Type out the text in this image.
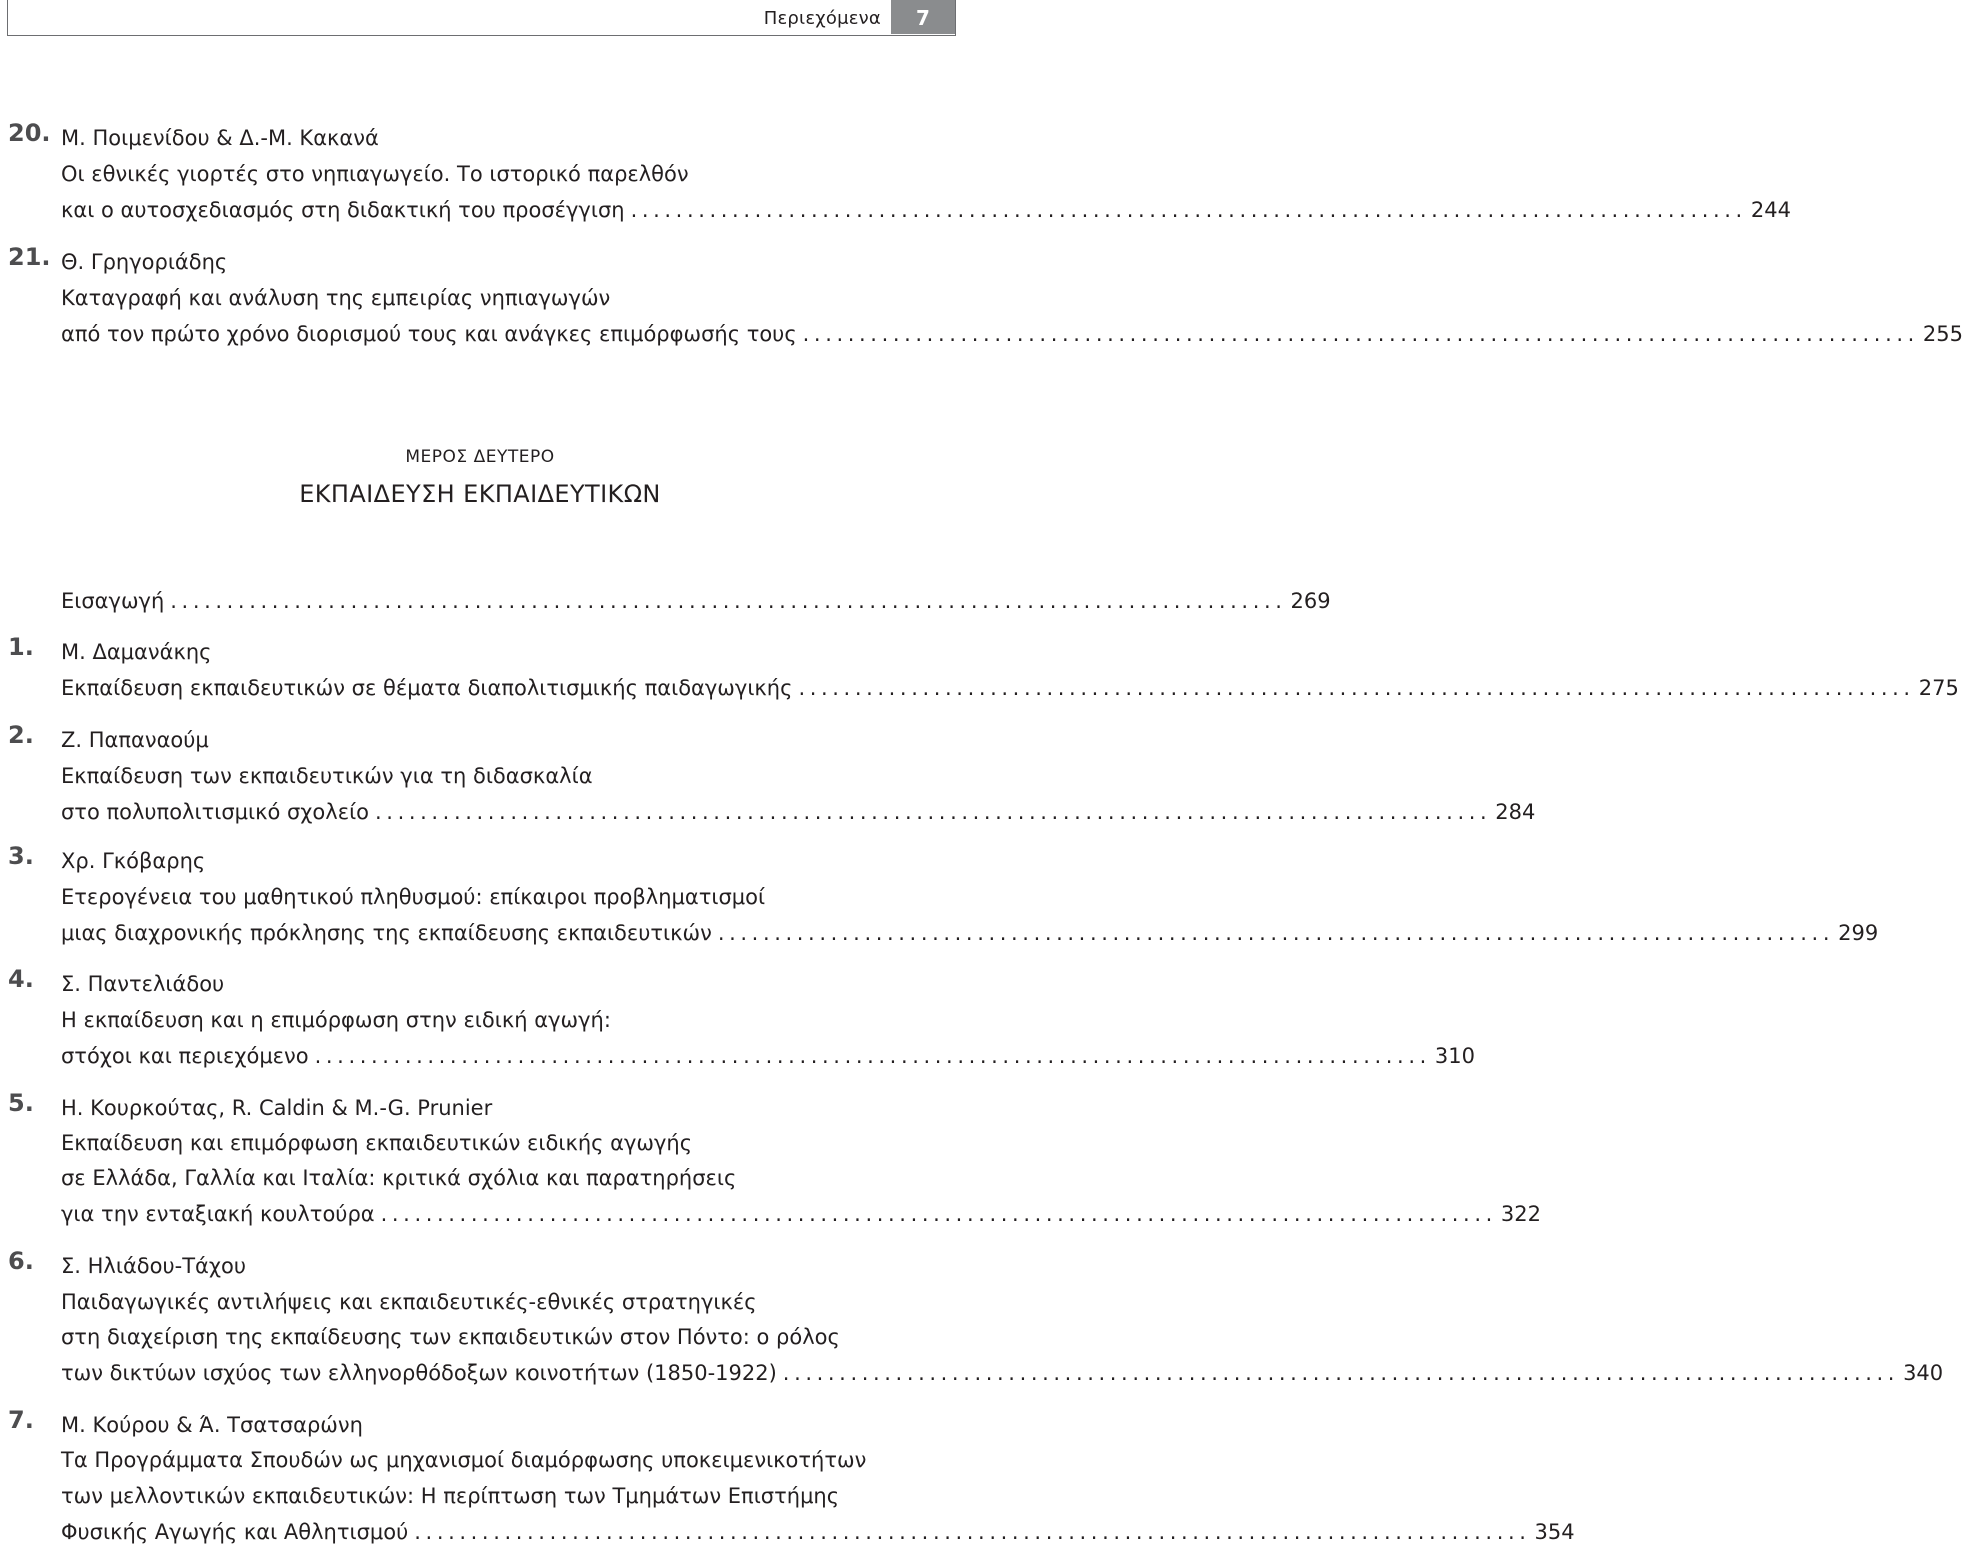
Περιεχόμενα	7
20. Μ. Ποιμενίδου & Δ.-Μ. Κακανά
Οι εθνικές γιορτές στο νηπιαγωγείο. Το ιστορικό παρελθόν
και ο αυτοσχεδιασμός στη διδακτική του προσέγγιση ................................................................................................... 244
21. Θ. Γρηγοριάδης
Καταγραφή και ανάλυση της εμπειρίας νηπιαγωγών
από τον πρώτο χρόνο διορισμού τους και ανάγκες επιμόρφωσής τους ................................................................................................... 255
ΜΕΡΟΣ ΔΕΥΤΕΡΟ
ΕΚΠΑΙΔΕΥΣΗ ΕΚΠΑΙΔΕΥΤΙΚΩΝ
Εισαγωγή ................................................................................................... 269
1. Μ. Δαμανάκης
Εκπαίδευση εκπαιδευτικών σε θέματα διαπολιτισμικής παιδαγωγικής ................................................................................................... 275
2. Ζ. Παπαναούμ
Εκπαίδευση των εκπαιδευτικών για τη διδασκαλία
στο πολυπολιτισμικό σχολείο ................................................................................................... 284
3. Χρ. Γκόβαρης
Ετερογένεια του μαθητικού πληθυσμού: επίκαιροι προβληματισμοί
μιας διαχρονικής πρόκλησης της εκπαίδευσης εκπαιδευτικών ................................................................................................... 299
4. Σ. Παντελιάδου
Η εκπαίδευση και η επιμόρφωση στην ειδική αγωγή:
στόχοι και περιεχόμενο ................................................................................................... 310
5. Η. Κουρκούτας, R. Caldin & M.-G. Prunier
Εκπαίδευση και επιμόρφωση εκπαιδευτικών ειδικής αγωγής
σε Ελλάδα, Γαλλία και Ιταλία: κριτικά σχόλια και παρατηρήσεις
για την ενταξιακή κουλτούρα ................................................................................................... 322
6. Σ. Ηλιάδου-Τάχου
Παιδαγωγικές αντιλήψεις και εκπαιδευτικές-εθνικές στρατηγικές
στη διαχείριση της εκπαίδευσης των εκπαιδευτικών στον Πόντο: ο ρόλος
των δικτύων ισχύος των ελληνορθόδοξων κοινοτήτων (1850-1922) ................................................................................................... 340
7. Μ. Κούρου & Ά. Τσατσαρώνη
Τα Προγράμματα Σπουδών ως μηχανισμοί διαμόρφωσης υποκειμενικοτήτων
των μελλοντικών εκπαιδευτικών: Η περίπτωση των Τμημάτων Επιστήμης
Φυσικής Αγωγής και Αθλητισμού ................................................................................................... 354
